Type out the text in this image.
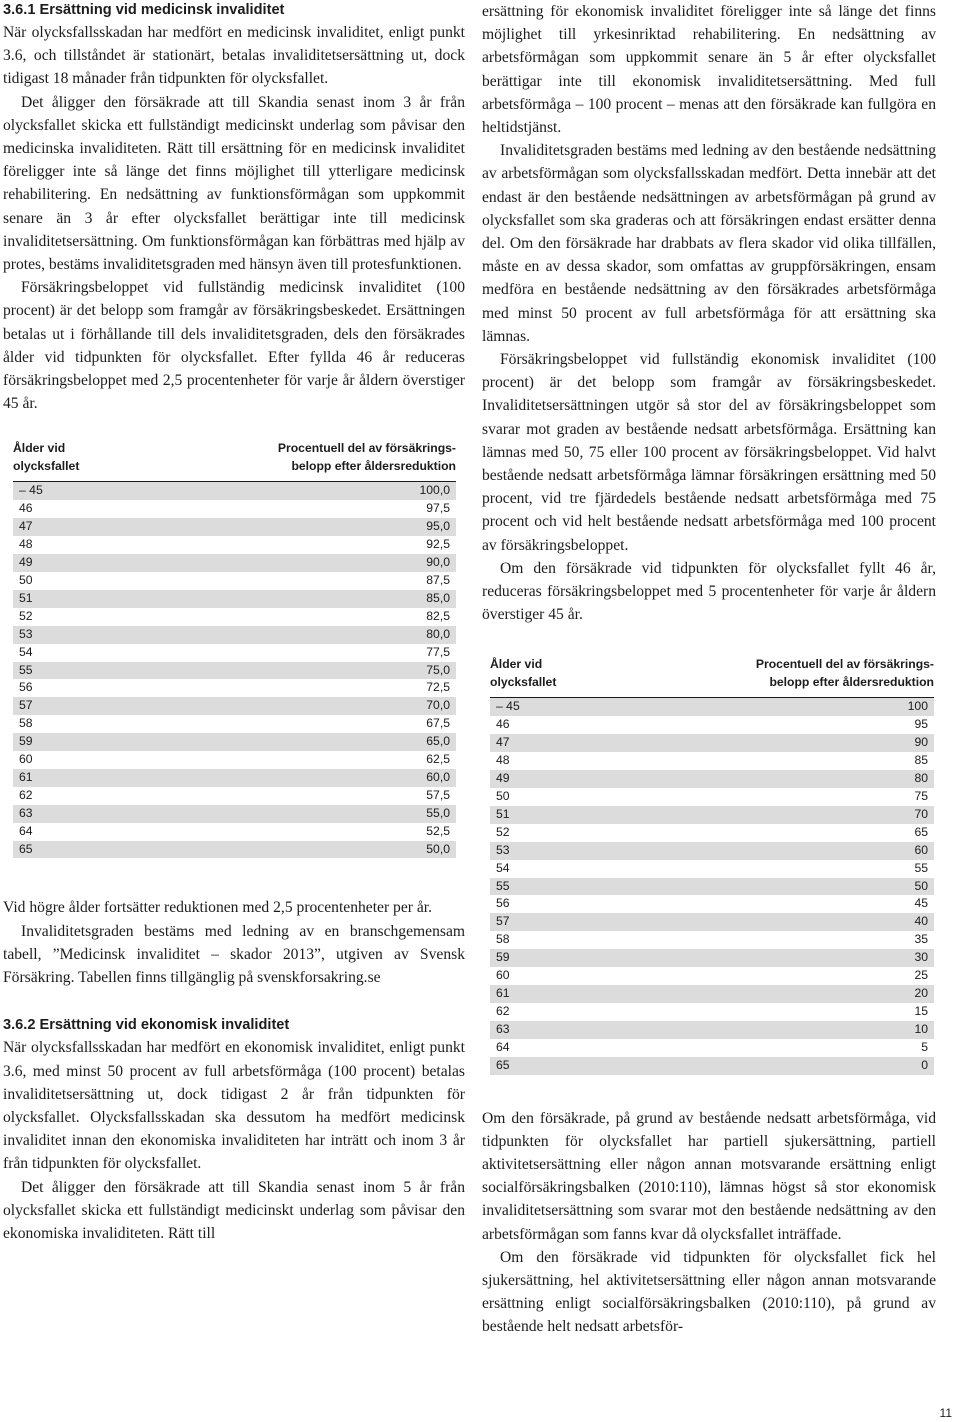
3.6.1 Ersättning vid medicinsk invaliditet

När olycksfallsskadan har medfört en medicinsk invaliditet, enligt punkt 3.6, och tillståndet är stationärt, betalas invaliditetsersättning ut, dock tidigast 18 månader från tidpunkten för olycksfallet.

Det åligger den försäkrade att till Skandia senast inom 3 år från olycksfallet skicka ett fullständigt medicinskt underlag som påvisar den medicinska invaliditeten. Rätt till ersättning för en medicinsk invaliditet föreligger inte så länge det finns möjlighet till ytterligare medicinsk rehabilitering. En nedsättning av funktionsförmågan som uppkommit senare än 3 år efter olycksfallet berättigar inte till medicinsk invaliditetsersättning. Om funktionsförmågan kan förbättras med hjälp av protes, bestäms invaliditetsgraden med hänsyn även till protesfunktionen.

Försäkringsbeloppet vid fullständig medicinsk invaliditet (100 procent) är det belopp som framgår av försäkringsbeskedet. Ersättningen betalas ut i förhållande till dels invaliditetsgraden, dels den försäkrades ålder vid tidpunkten för olycksfallet. Efter fyllda 46 år reduceras försäkringsbeloppet med 2,5 procentenheter för varje år åldern överstiger 45 år.

Ålder vid
olycksfallet	Procentuell del av försäkrings-
belopp efter åldersreduktion
– 45	100,0
46	97,5
47	95,0
48	92,5
49	90,0
50	87,5
51	85,0
52	82,5
53	80,0
54	77,5
55	75,0
56	72,5
57	70,0
58	67,5
59	65,0
60	62,5
61	60,0
62	57,5
63	55,0
64	52,5
65	50,0

Vid högre ålder fortsätter reduktionen med 2,5 procentenheter per år.

Invaliditetsgraden bestäms med ledning av en branschgemensam tabell, ”Medicinsk invaliditet – skador 2013”, utgiven av Svensk Försäkring. Tabellen finns tillgänglig på svenskforsakring.se

3.6.2 Ersättning vid ekonomisk invaliditet

När olycksfallsskadan har medfört en ekonomisk invaliditet, enligt punkt 3.6, med minst 50 procent av full arbetsförmåga (100 procent) betalas invaliditetsersättning ut, dock tidigast 2 år från tidpunkten för olycksfallet. Olycksfallsskadan ska dessutom ha medfört medicinsk invaliditet innan den ekonomiska invaliditeten har inträtt och inom 3 år från tidpunkten för olycksfallet.

Det åligger den försäkrade att till Skandia senast inom 5 år från olycksfallet skicka ett fullständigt medicinskt underlag som påvisar den ekonomiska invaliditeten. Rätt till

ersättning för ekonomisk invaliditet föreligger inte så länge det finns möjlighet till yrkesinriktad rehabilitering. En nedsättning av arbetsförmågan som uppkommit senare än 5 år efter olycksfallet berättigar inte till ekonomisk invaliditetsersättning. Med full arbetsförmåga – 100 procent – menas att den försäkrade kan fullgöra en heltidstjänst.

Invaliditetsgraden bestäms med ledning av den bestående nedsättning av arbetsförmågan som olycksfallsskadan medfört. Detta innebär att det endast är den bestående nedsättningen av arbetsförmågan på grund av olycksfallet som ska graderas och att försäkringen endast ersätter denna del. Om den försäkrade har drabbats av flera skador vid olika tillfällen, måste en av dessa skador, som omfattas av gruppförsäkringen, ensam medföra en bestående nedsättning av den försäkrades arbetsförmåga med minst 50 procent av full arbetsförmåga för att ersättning ska lämnas.

Försäkringsbeloppet vid fullständig ekonomisk invaliditet (100 procent) är det belopp som framgår av försäkringsbeskedet. Invaliditetsersättningen utgör så stor del av försäkringsbeloppet som svarar mot graden av bestående nedsatt arbetsförmåga. Ersättning kan lämnas med 50, 75 eller 100 procent av försäkringsbeloppet. Vid halvt bestående nedsatt arbetsförmåga lämnar försäkringen ersättning med 50 procent, vid tre fjärdedels bestående nedsatt arbetsförmåga med 75 procent och vid helt bestående nedsatt arbetsförmåga med 100 procent av försäkringsbeloppet.

Om den försäkrade vid tidpunkten för olycksfallet fyllt 46 år, reduceras försäkringsbeloppet med 5 procentenheter för varje år åldern överstiger 45 år.

Ålder vid
olycksfallet	Procentuell del av försäkrings-
belopp efter åldersreduktion
– 45	100
46	95
47	90
48	85
49	80
50	75
51	70
52	65
53	60
54	55
55	50
56	45
57	40
58	35
59	30
60	25
61	20
62	15
63	10
64	5
65	0

Om den försäkrade, på grund av bestående nedsatt arbetsförmåga, vid tidpunkten för olycksfallet har partiell sjukersättning, partiell aktivitetsersättning eller någon annan motsvarande ersättning enligt socialförsäkringsbalken (2010:110), lämnas högst så stor ekonomisk invaliditetsersättning som svarar mot den bestående nedsättning av den arbetsförmågan som fanns kvar då olycksfallet inträffade.

Om den försäkrade vid tidpunkten för olycksfallet fick hel sjukersättning, hel aktivitetsersättning eller någon annan motsvarande ersättning enligt socialförsäkringsbalken (2010:110), på grund av bestående helt nedsatt arbetsför-

11
